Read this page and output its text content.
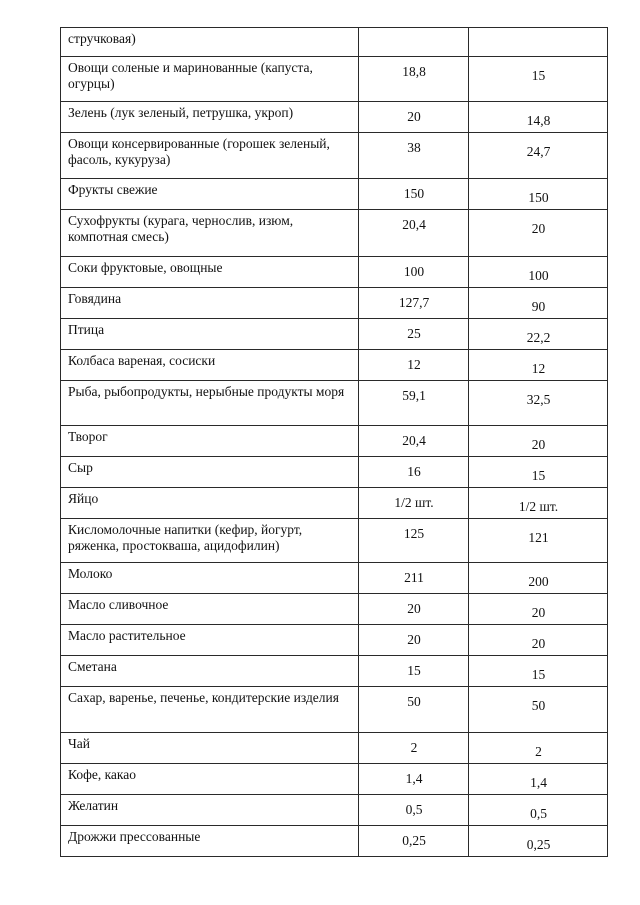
стручковая)		
Овощи соленые и маринованные (капуста, огурцы)	18,8	15
Зелень (лук зеленый, петрушка, укроп)	20	14,8
Овощи консервированные (горошек зеленый, фасоль, кукуруза)	38	24,7
Фрукты свежие	150	150
Сухофрукты (курага, чернослив, изюм, компотная смесь)	20,4	20
Соки фруктовые, овощные	100	100
Говядина	127,7	90
Птица	25	22,2
Колбаса вареная, сосиски	12	12
Рыба, рыбопродукты, нерыбные продукты моря	59,1	32,5
Творог	20,4	20
Сыр	16	15
Яйцо	1/2 шт.	1/2 шт.
Кисломолочные напитки (кефир, йогурт, ряженка, простокваша, ацидофилин)	125	121
Молоко	211	200
Масло сливочное	20	20
Масло растительное	20	20
Сметана	15	15
Сахар, варенье, печенье, кондитерские изделия	50	50
Чай	2	2
Кофе, какао	1,4	1,4
Желатин	0,5	0,5
Дрожжи прессованные	0,25	0,25
